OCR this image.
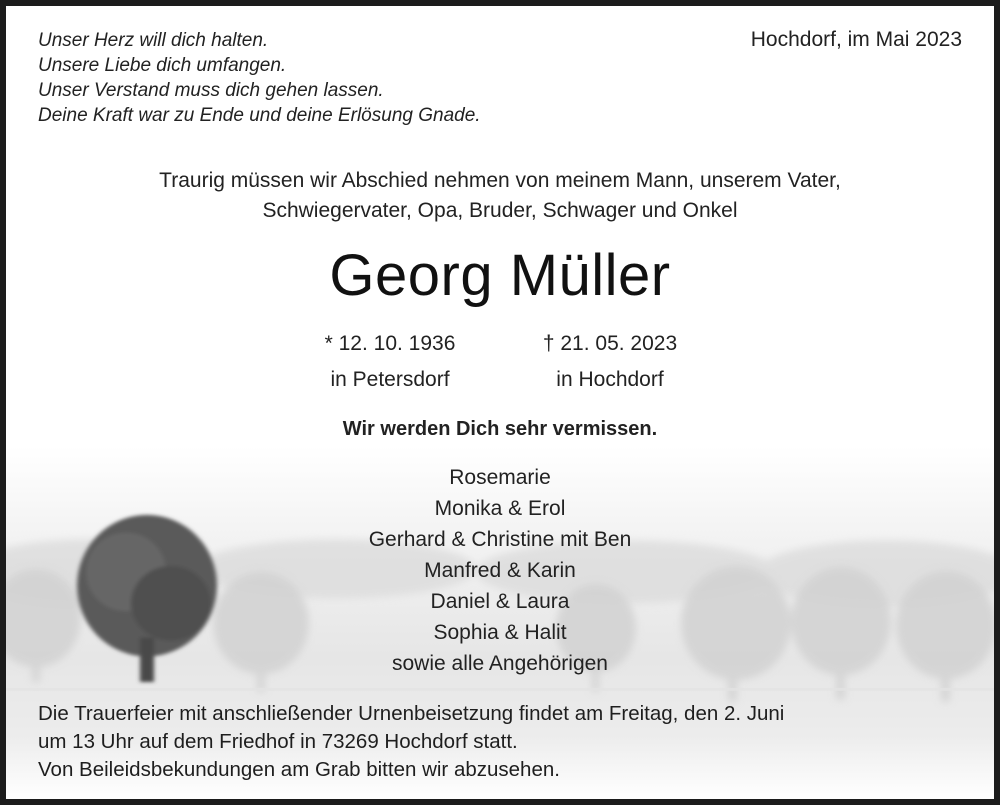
Unser Herz will dich halten.
Unsere Liebe dich umfangen.
Unser Verstand muss dich gehen lassen.
Deine Kraft war zu Ende und deine Erlösung Gnade.
Hochdorf, im Mai 2023
Traurig müssen wir Abschied nehmen von meinem Mann, unserem Vater,
Schwiegervater, Opa, Bruder, Schwager und Onkel
Georg Müller
* 12. 10. 1936
in Petersdorf
† 21. 05. 2023
in Hochdorf
Wir werden Dich sehr vermissen.
Rosemarie
Monika & Erol
Gerhard & Christine mit Ben
Manfred & Karin
Daniel & Laura
Sophia & Halit
sowie alle Angehörigen
Die Trauerfeier mit anschließender Urnenbeisetzung findet am Freitag, den 2. Juni
um 13 Uhr auf dem Friedhof in 73269 Hochdorf statt.
Von Beileidsbekundungen am Grab bitten wir abzusehen.
